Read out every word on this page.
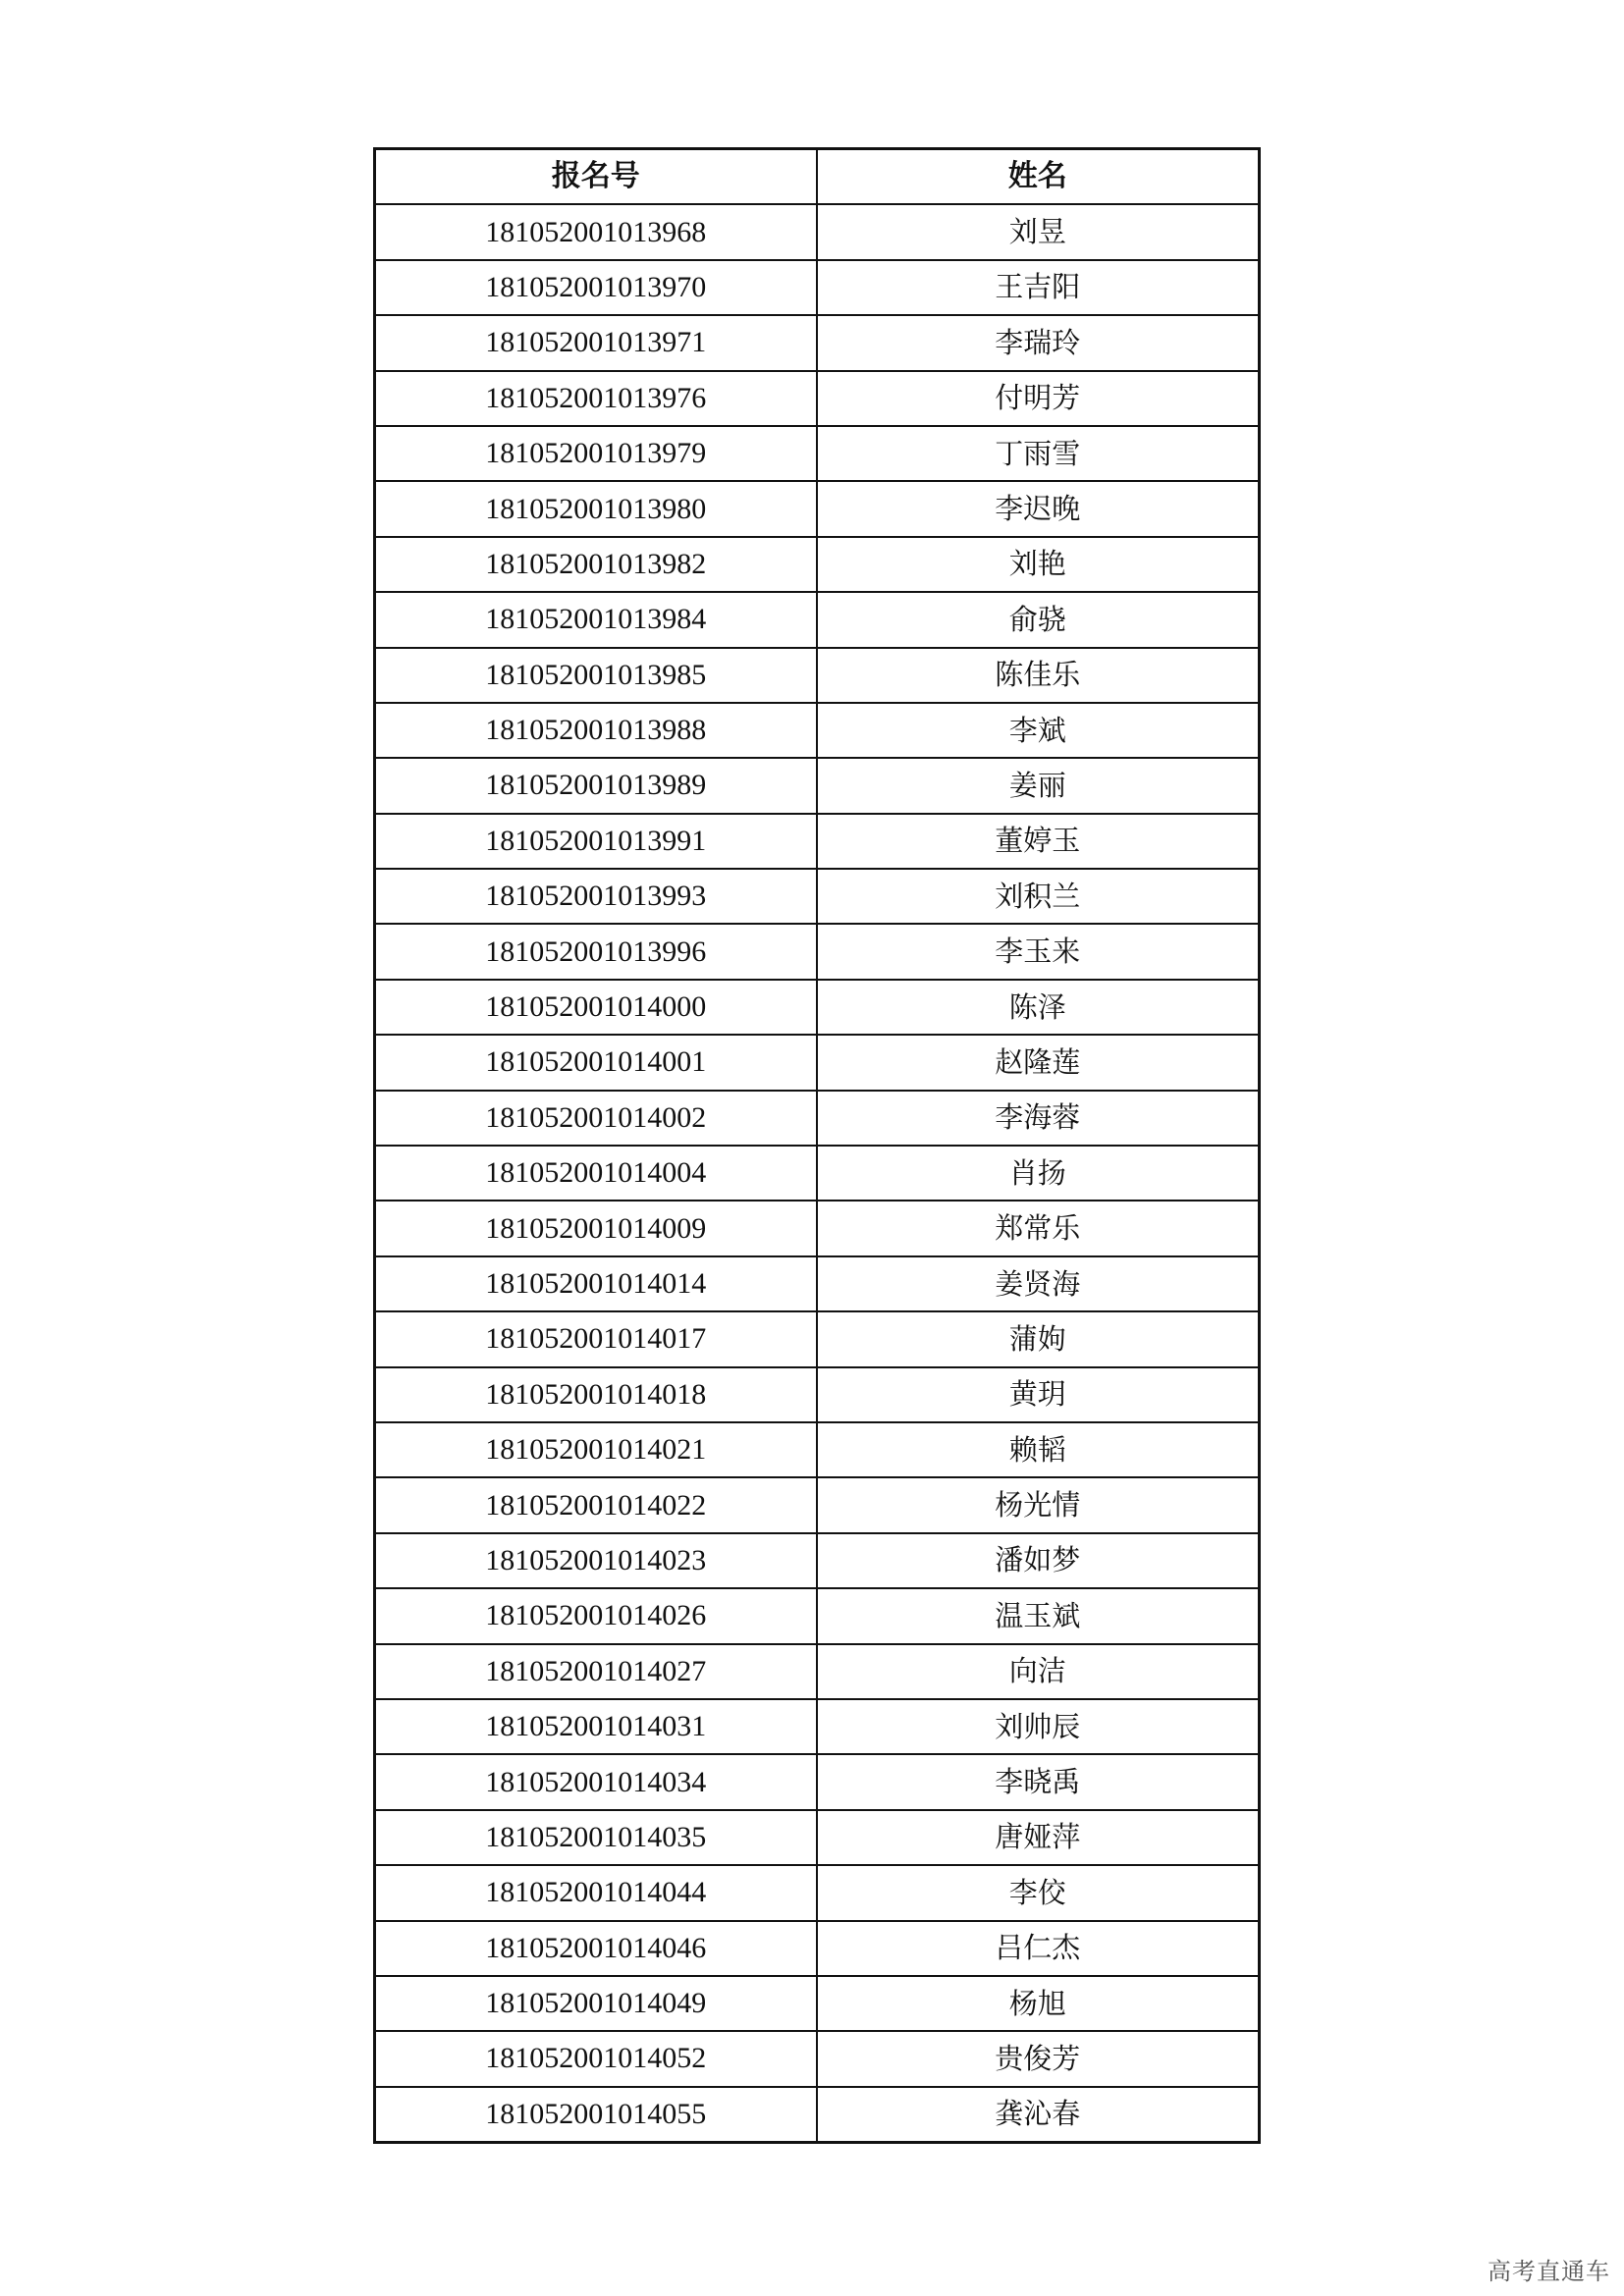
报名号	姓名
181052001013968	刘昱
181052001013970	王吉阳
181052001013971	李瑞玲
181052001013976	付明芳
181052001013979	丁雨雪
181052001013980	李迟晚
181052001013982	刘艳
181052001013984	俞骁
181052001013985	陈佳乐
181052001013988	李斌
181052001013989	姜丽
181052001013991	董婷玉
181052001013993	刘积兰
181052001013996	李玉来
181052001014000	陈泽
181052001014001	赵隆莲
181052001014002	李海蓉
181052001014004	肖扬
181052001014009	郑常乐
181052001014014	姜贤海
181052001014017	蒲姁
181052001014018	黄玥
181052001014021	赖韬
181052001014022	杨光情
181052001014023	潘如梦
181052001014026	温玉斌
181052001014027	向洁
181052001014031	刘帅辰
181052001014034	李晓禹
181052001014035	唐娅萍
181052001014044	李佼
181052001014046	吕仁杰
181052001014049	杨旭
181052001014052	贵俊芳
181052001014055	龚沁春
高考直通车
